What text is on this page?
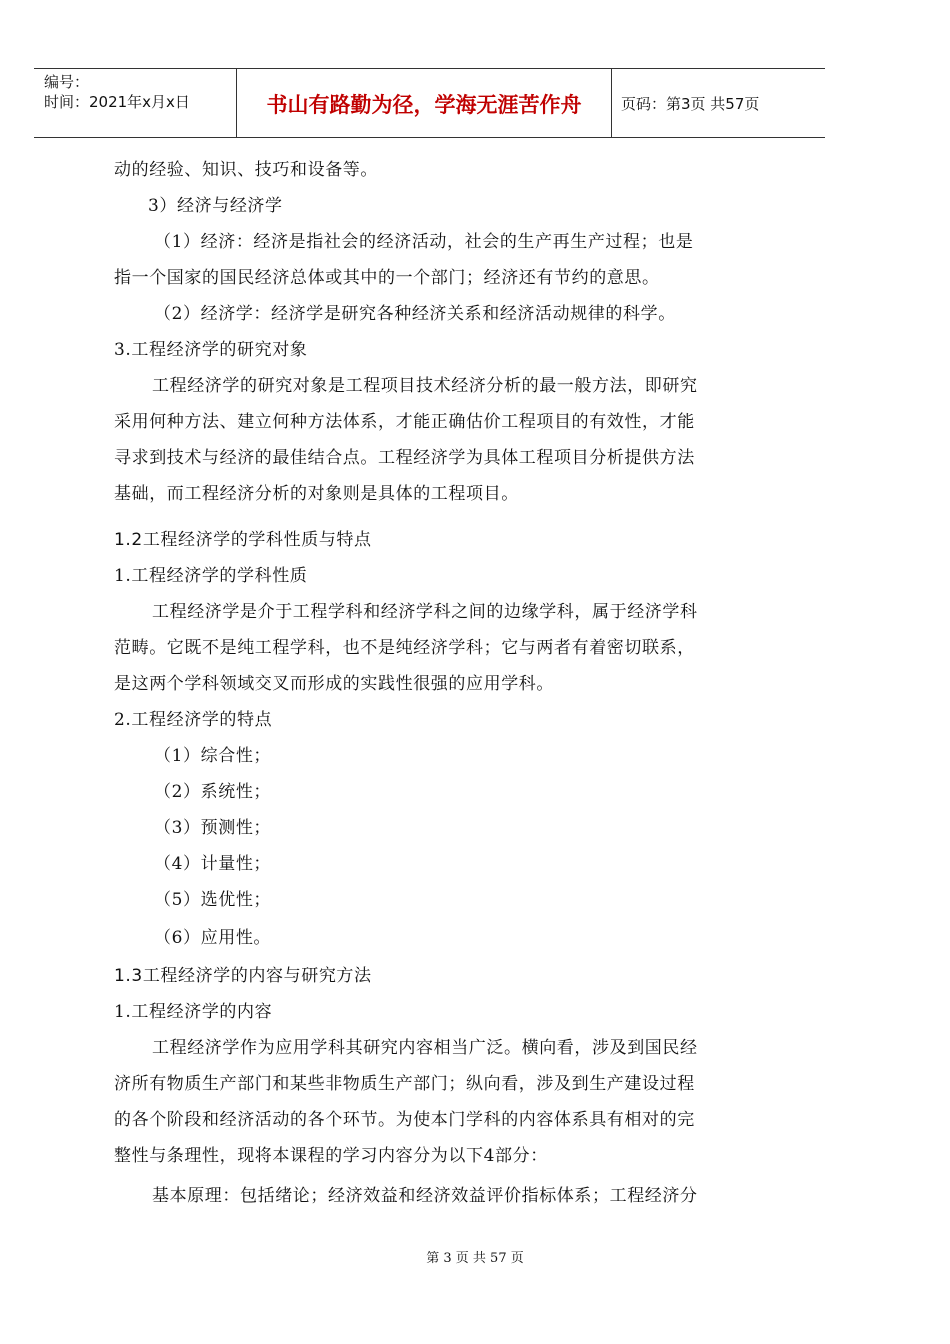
编号：
时间：2021年x月x日	书山有路勤为径，学海无涯苦作舟	页码：第3页 共57页
动的经验、知识、技巧和设备等。
3）经济与经济学
（1）经济：经济是指社会的经济活动，社会的生产再生产过程；也是
指一个国家的国民经济总体或其中的一个部门；经济还有节约的意思。
（2）经济学：经济学是研究各种经济关系和经济活动规律的科学。
3.工程经济学的研究对象
工程经济学的研究对象是工程项目技术经济分析的最一般方法，即研究
采用何种方法、建立何种方法体系，才能正确估价工程项目的有效性，才能
寻求到技术与经济的最佳结合点。工程经济学为具体工程项目分析提供方法
基础，而工程经济分析的对象则是具体的工程项目。
1.2工程经济学的学科性质与特点
1.工程经济学的学科性质
工程经济学是介于工程学科和经济学科之间的边缘学科，属于经济学科
范畴。它既不是纯工程学科，也不是纯经济学科；它与两者有着密切联系，
是这两个学科领域交叉而形成的实践性很强的应用学科。
2.工程经济学的特点
（1）综合性；
（2）系统性；
（3）预测性；
（4）计量性；
（5）选优性；
（6）应用性。
1.3工程经济学的内容与研究方法
1.工程经济学的内容
工程经济学作为应用学科其研究内容相当广泛。横向看，涉及到国民经
济所有物质生产部门和某些非物质生产部门；纵向看，涉及到生产建设过程
的各个阶段和经济活动的各个环节。为使本门学科的内容体系具有相对的完
整性与条理性，现将本课程的学习内容分为以下4部分：
基本原理：包括绪论；经济效益和经济效益评价指标体系；工程经济分
第 3 页 共 57 页
